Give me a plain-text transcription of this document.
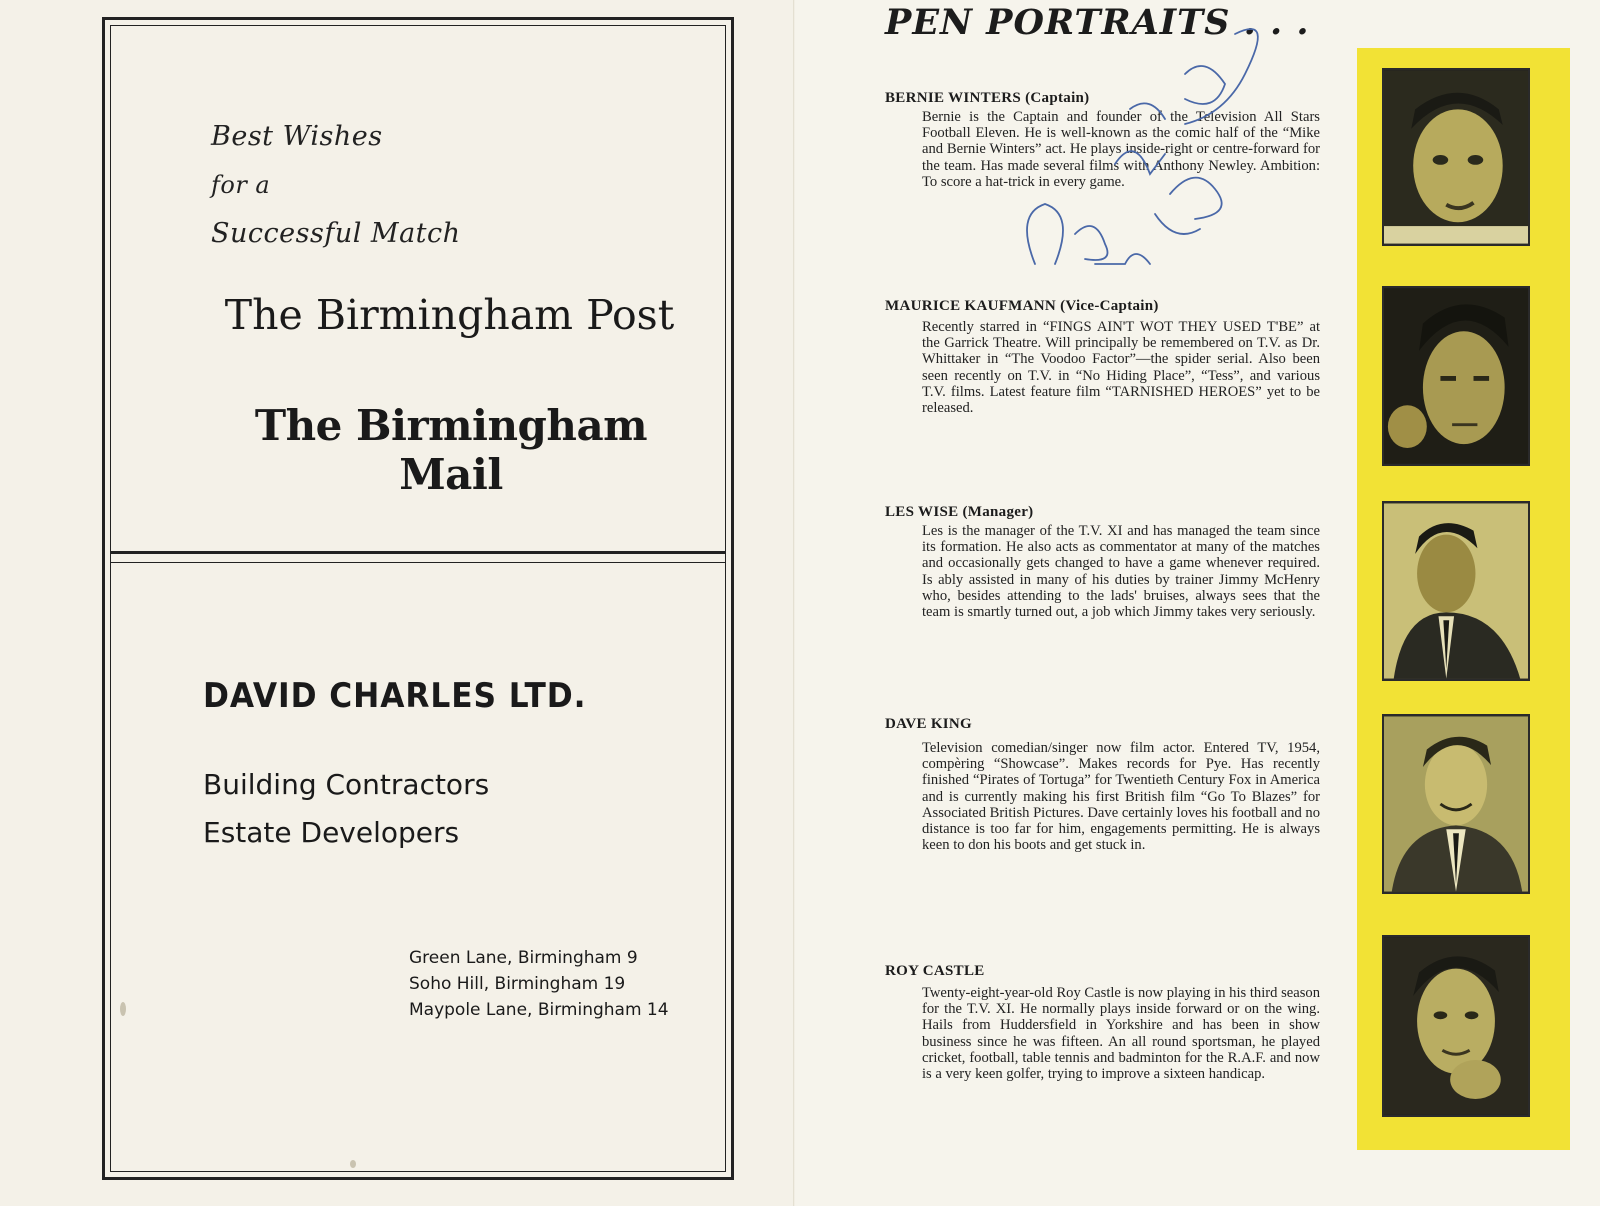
Best Wishes
for a
Successful Match
The Birmingham Post
The Birmingham Mail
DAVID CHARLES LTD.
Building Contractors
Estate Developers
Green Lane, Birmingham 9
Soho Hill, Birmingham 19
Maypole Lane, Birmingham 14
PEN PORTRAITS . . .
BERNIE WINTERS (Captain)
Bernie is the Captain and founder of the Television All Stars Football Eleven. He is well-known as the comic half of the “Mike and Bernie Winters” act. He plays inside-right or centre-forward for the team. Has made several films with Anthony Newley. Ambition: To score a hat-trick in every game.
MAURICE KAUFMANN (Vice-Captain)
Recently starred in “FINGS AIN'T WOT THEY USED T'BE” at the Garrick Theatre. Will principally be remembered on T.V. as Dr. Whittaker in “The Voodoo Factor”—the spider serial. Also been seen recently on T.V. in “No Hiding Place”, “Tess”, and various T.V. films. Latest feature film “TARNISHED HEROES” yet to be released.
LES WISE (Manager)
Les is the manager of the T.V. XI and has managed the team since its formation. He also acts as commentator at many of the matches and occasionally gets changed to have a game whenever required. Is ably assisted in many of his duties by trainer Jimmy McHenry who, besides attending to the lads' bruises, always sees that the team is smartly turned out, a job which Jimmy takes very seriously.
DAVE KING
Television comedian/singer now film actor. Entered TV, 1954, compèring “Showcase”. Makes records for Pye. Has recently finished “Pirates of Tortuga” for Twentieth Century Fox in America and is currently making his first British film “Go To Blazes” for Associated British Pictures. Dave certainly loves his football and no distance is too far for him, engagements permitting. He is always keen to don his boots and get stuck in.
ROY CASTLE
Twenty-eight-year-old Roy Castle is now playing in his third season for the T.V. XI. He normally plays inside forward or on the wing. Hails from Huddersfield in Yorkshire and has been in show business since he was fifteen. An all round sportsman, he played cricket, football, table tennis and badminton for the R.A.F. and now is a very keen golfer, trying to improve a sixteen handicap.
